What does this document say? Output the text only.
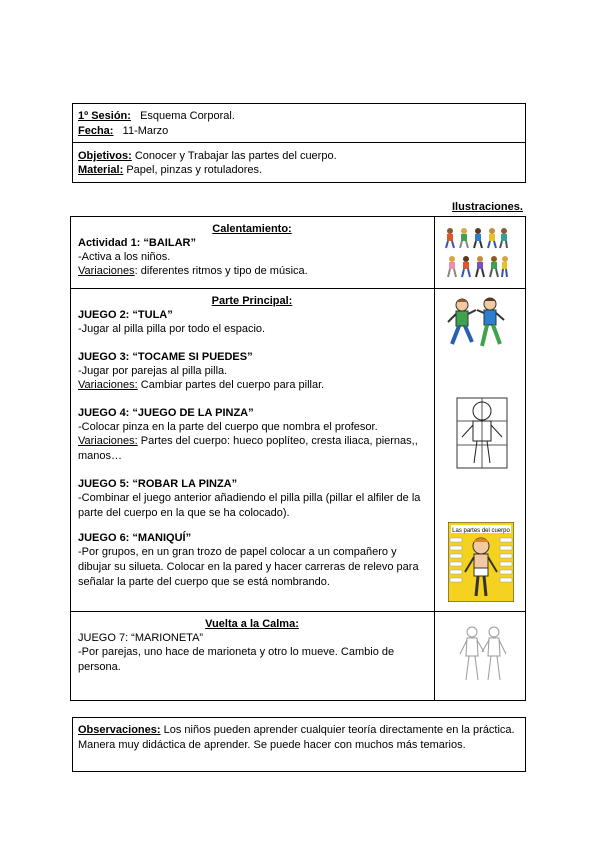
1º Sesión: Esquema Corporal.
Fecha: 11-Marzo
Objetivos: Conocer y Trabajar las partes del cuerpo.
Material: Papel, pinzas y rotuladores.
Ilustraciones.
Calentamiento:
Actividad 1: “BAILAR”
-Activa a los niños.
Variaciones: diferentes ritmos y tipo de música.
Parte Principal:
JUEGO 2: “TULA”
-Jugar al pilla pilla por todo el espacio.
JUEGO 3: “TOCAME SI PUEDES”
-Jugar por parejas al pilla pilla.
Variaciones: Cambiar partes del cuerpo para pillar.
JUEGO 4: “JUEGO DE LA PINZA”
-Colocar pinza en la parte del cuerpo que nombra el profesor.
Variaciones: Partes del cuerpo: hueco poplíteo, cresta iliaca, piernas,, manos…
JUEGO 5: “ROBAR LA PINZA”
-Combinar el juego anterior añadiendo el pilla pilla (pillar el alfiler de la parte del cuerpo en la que se ha colocado).
JUEGO 6: “MANIQUÍ”
-Por grupos, en un gran trozo de papel colocar a un compañero y dibujar su silueta. Colocar en la pared y hacer carreras de relevo para señalar la parte del cuerpo que se está nombrando.
Vuelta a la Calma:
JUEGO 7: “MARIONETA”
-Por parejas, uno hace de marioneta y otro lo mueve. Cambio de persona.
Las partes del cuerpo
Observaciones: Los niños pueden aprender cualquier teoría directamente en la práctica. Manera muy didáctica de aprender. Se puede hacer con muchos más temarios.
